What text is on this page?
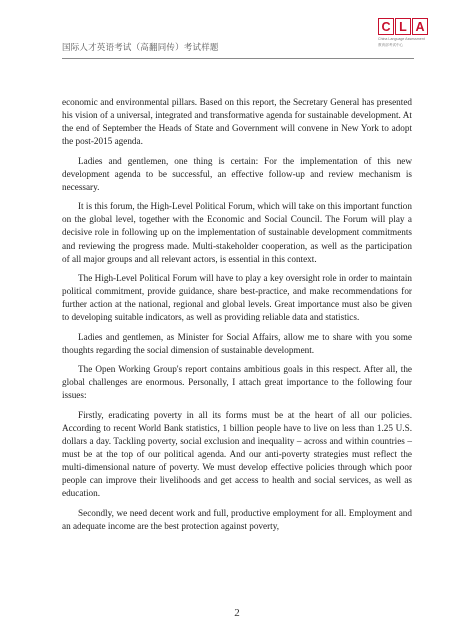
国际人才英语考试（高翻同传）考试样题
C L A
China Language Assessment
教育部考试中心

economic and environmental pillars. Based on this report, the Secretary General has presented his vision of a universal, integrated and transformative agenda for sustainable development. At the end of September the Heads of State and Government will convene in New York to adopt the post-2015 agenda.

Ladies and gentlemen, one thing is certain: For the implementation of this new development agenda to be successful, an effective follow-up and review mechanism is necessary.

It is this forum, the High-Level Political Forum, which will take on this important function on the global level, together with the Economic and Social Council. The Forum will play a decisive role in following up on the implementation of sustainable development commitments and reviewing the progress made. Multi-stakeholder cooperation, as well as the participation of all major groups and all relevant actors, is essential in this context.

The High-Level Political Forum will have to play a key oversight role in order to maintain political commitment, provide guidance, share best-practice, and make recommendations for further action at the national, regional and global levels. Great importance must also be given to developing suitable indicators, as well as providing reliable data and statistics.

Ladies and gentlemen, as Minister for Social Affairs, allow me to share with you some thoughts regarding the social dimension of sustainable development.

The Open Working Group's report contains ambitious goals in this respect. After all, the global challenges are enormous. Personally, I attach great importance to the following four issues:

Firstly, eradicating poverty in all its forms must be at the heart of all our policies. According to recent World Bank statistics, 1 billion people have to live on less than 1.25 U.S. dollars a day. Tackling poverty, social exclusion and inequality – across and within countries – must be at the top of our political agenda. And our anti-poverty strategies must reflect the multi-dimensional nature of poverty. We must develop effective policies through which poor people can improve their livelihoods and get access to health and social services, as well as education.

Secondly, we need decent work and full, productive employment for all. Employment and an adequate income are the best protection against poverty,

2
